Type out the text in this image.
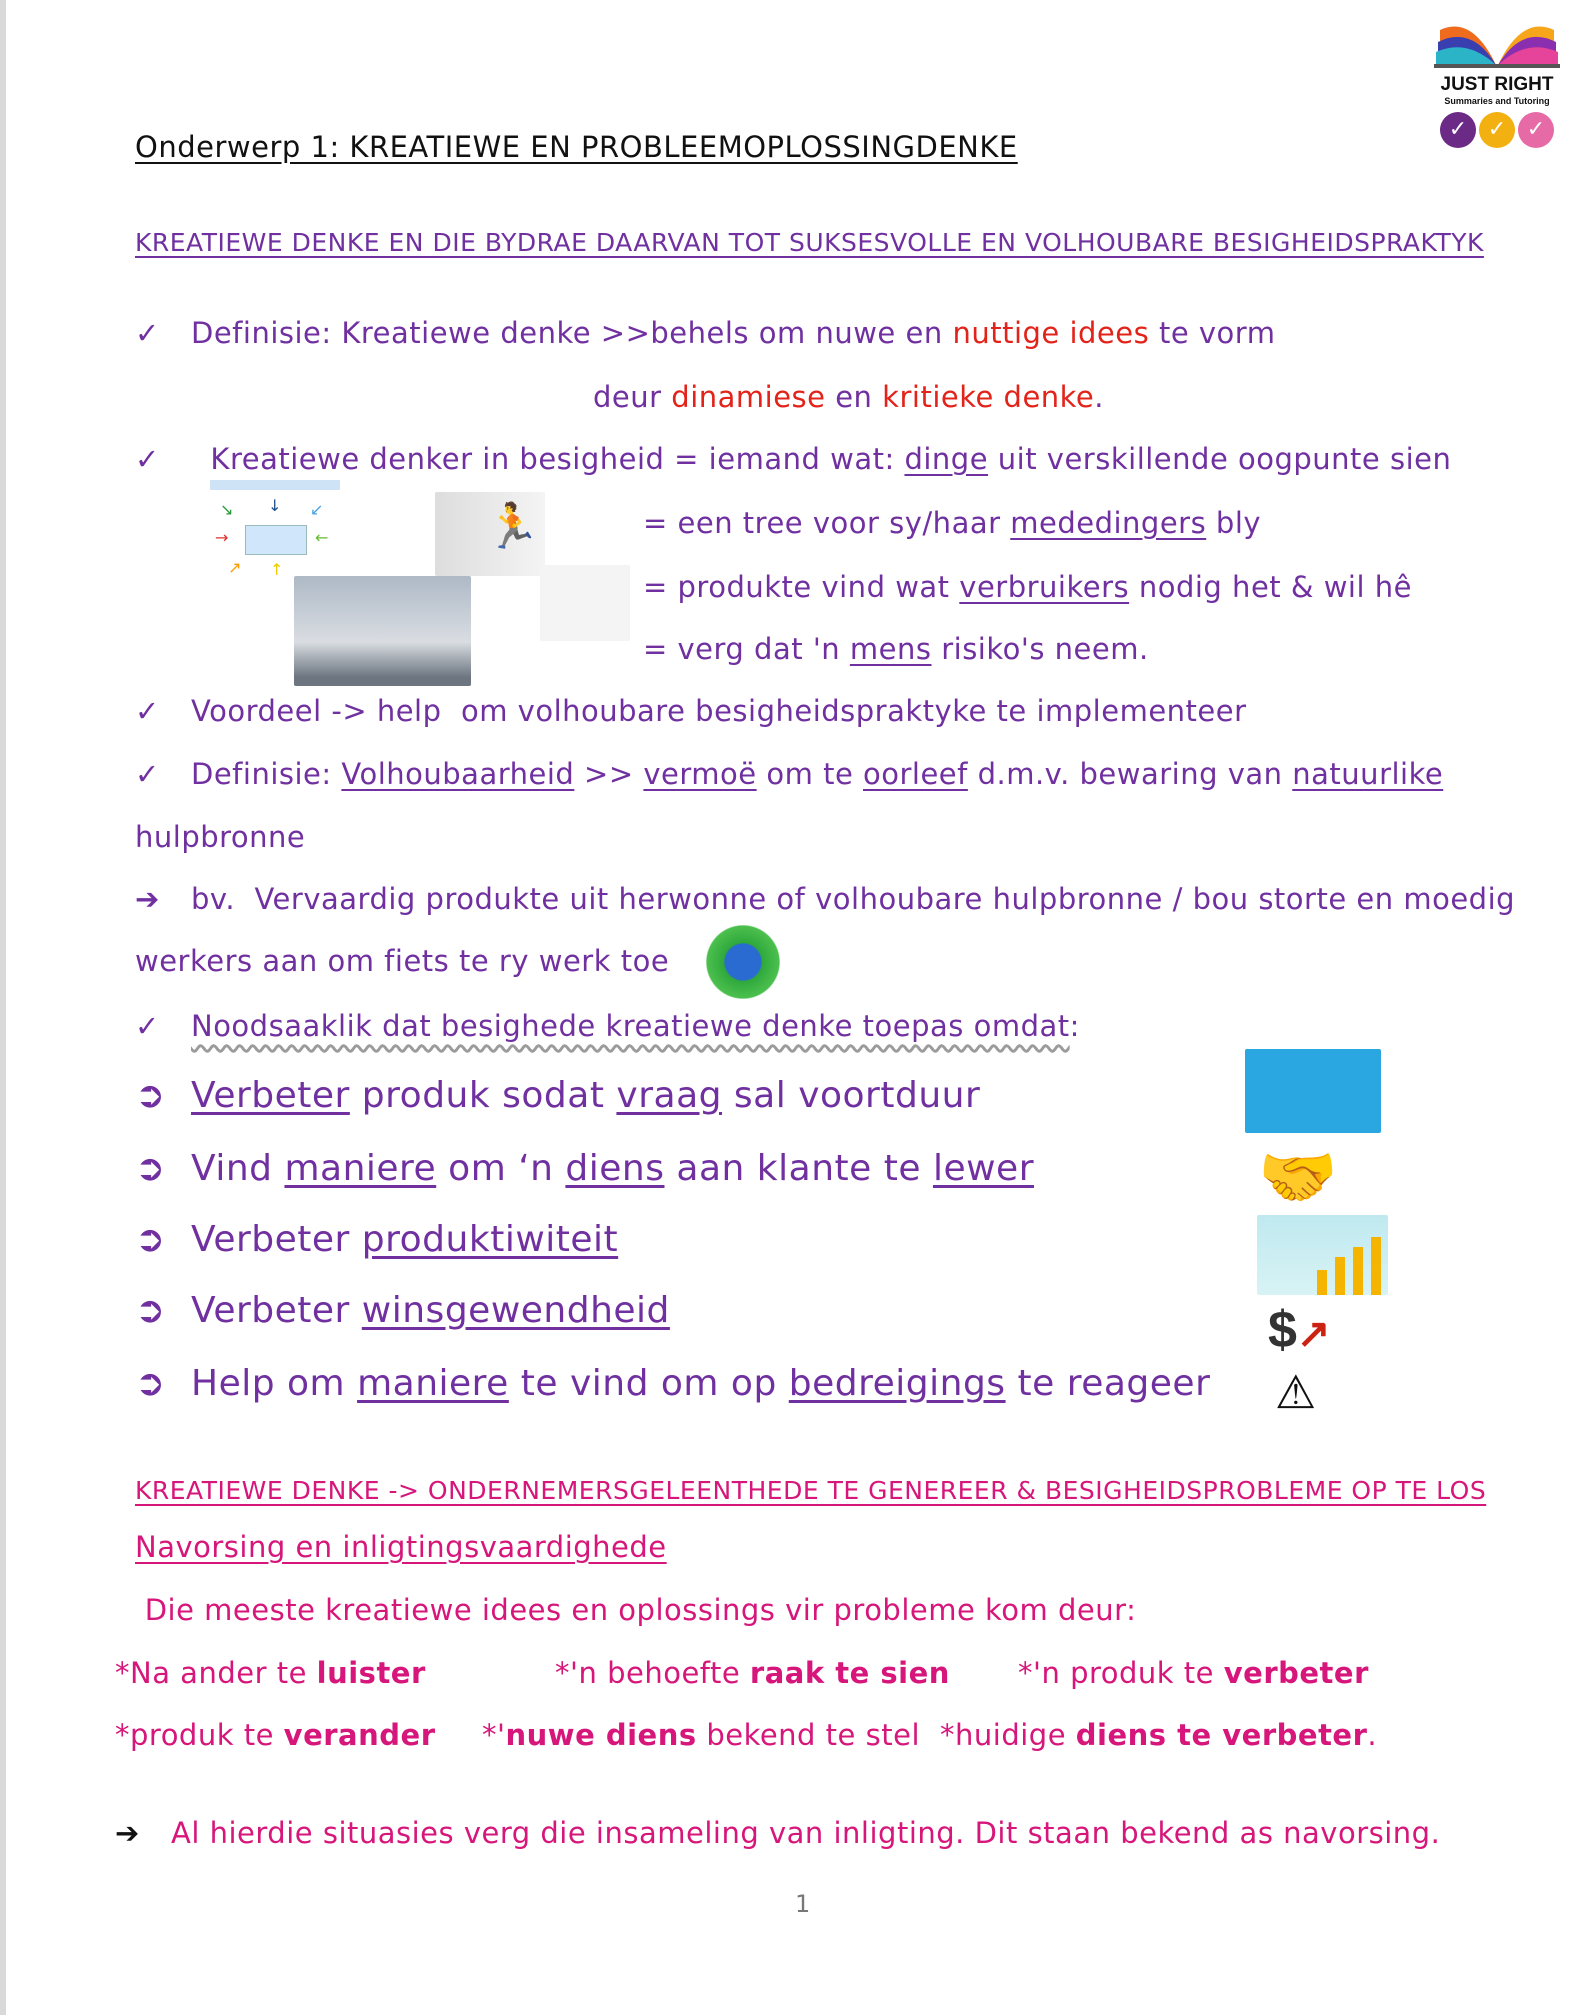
JUST RIGHT
Summaries and Tutoring
✓ ✓ ✓
Onderwerp 1: KREATIEWE EN PROBLEEMOPLOSSINGDENKE
KREATIEWE DENKE EN DIE BYDRAE DAARVAN TOT SUKSESVOLLE EN VOLHOUBARE BESIGHEIDSPRAKTYK
✓ Definisie: Kreatiewe denke >>behels om nuwe en nuttige idees te vorm
deur dinamiese en kritieke denke.
✓  Kreatiewe denker in besigheid = iemand wat: dinge uit verskillende oogpunte sien
= een tree voor sy/haar mededingers bly
= produkte vind wat verbruikers nodig het & wil hê
= verg dat 'n mens risiko's neem.
✓ Voordeel -> help  om volhoubare besigheidspraktyke te implementeer
✓ Definisie: Volhoubaarheid >> vermoë om te oorleef d.m.v. bewaring van natuurlike
hulpbronne
➔ bv.  Vervaardig produkte uit herwonne of volhoubare hulpbronne / bou storte en moedig
werkers aan om fiets te ry werk toe
✓ Noodsaaklik dat besighede kreatiewe denke toepas omdat:
➲ Verbeter produk sodat vraag sal voortduur
➲ Vind maniere om ‘n diens aan klante te lewer
➲ Verbeter produktiwiteit
➲ Verbeter winsgewendheid
➲ Help om maniere te vind om op bedreigings te reageer
KREATIEWE DENKE -> ONDERNEMERSGELEENTHEDE TE GENEREER & BESIGHEIDSPROBLEME OP TE LOS
Navorsing en inligtingsvaardighede
Die meeste kreatiewe idees en oplossings vir probleme kom deur:
*Na ander te luister	*'n behoefte raak te sien *'n produk te verbeter
*produk te verander *'nuwe diens bekend te stel *huidige diens te verbeter.
➔ Al hierdie situasies verg die insameling van inligting. Dit staan bekend as navorsing.
↘ ↓ ↙
→	←
↗ ↑
🏃
🤝
$↗
⚠
1
